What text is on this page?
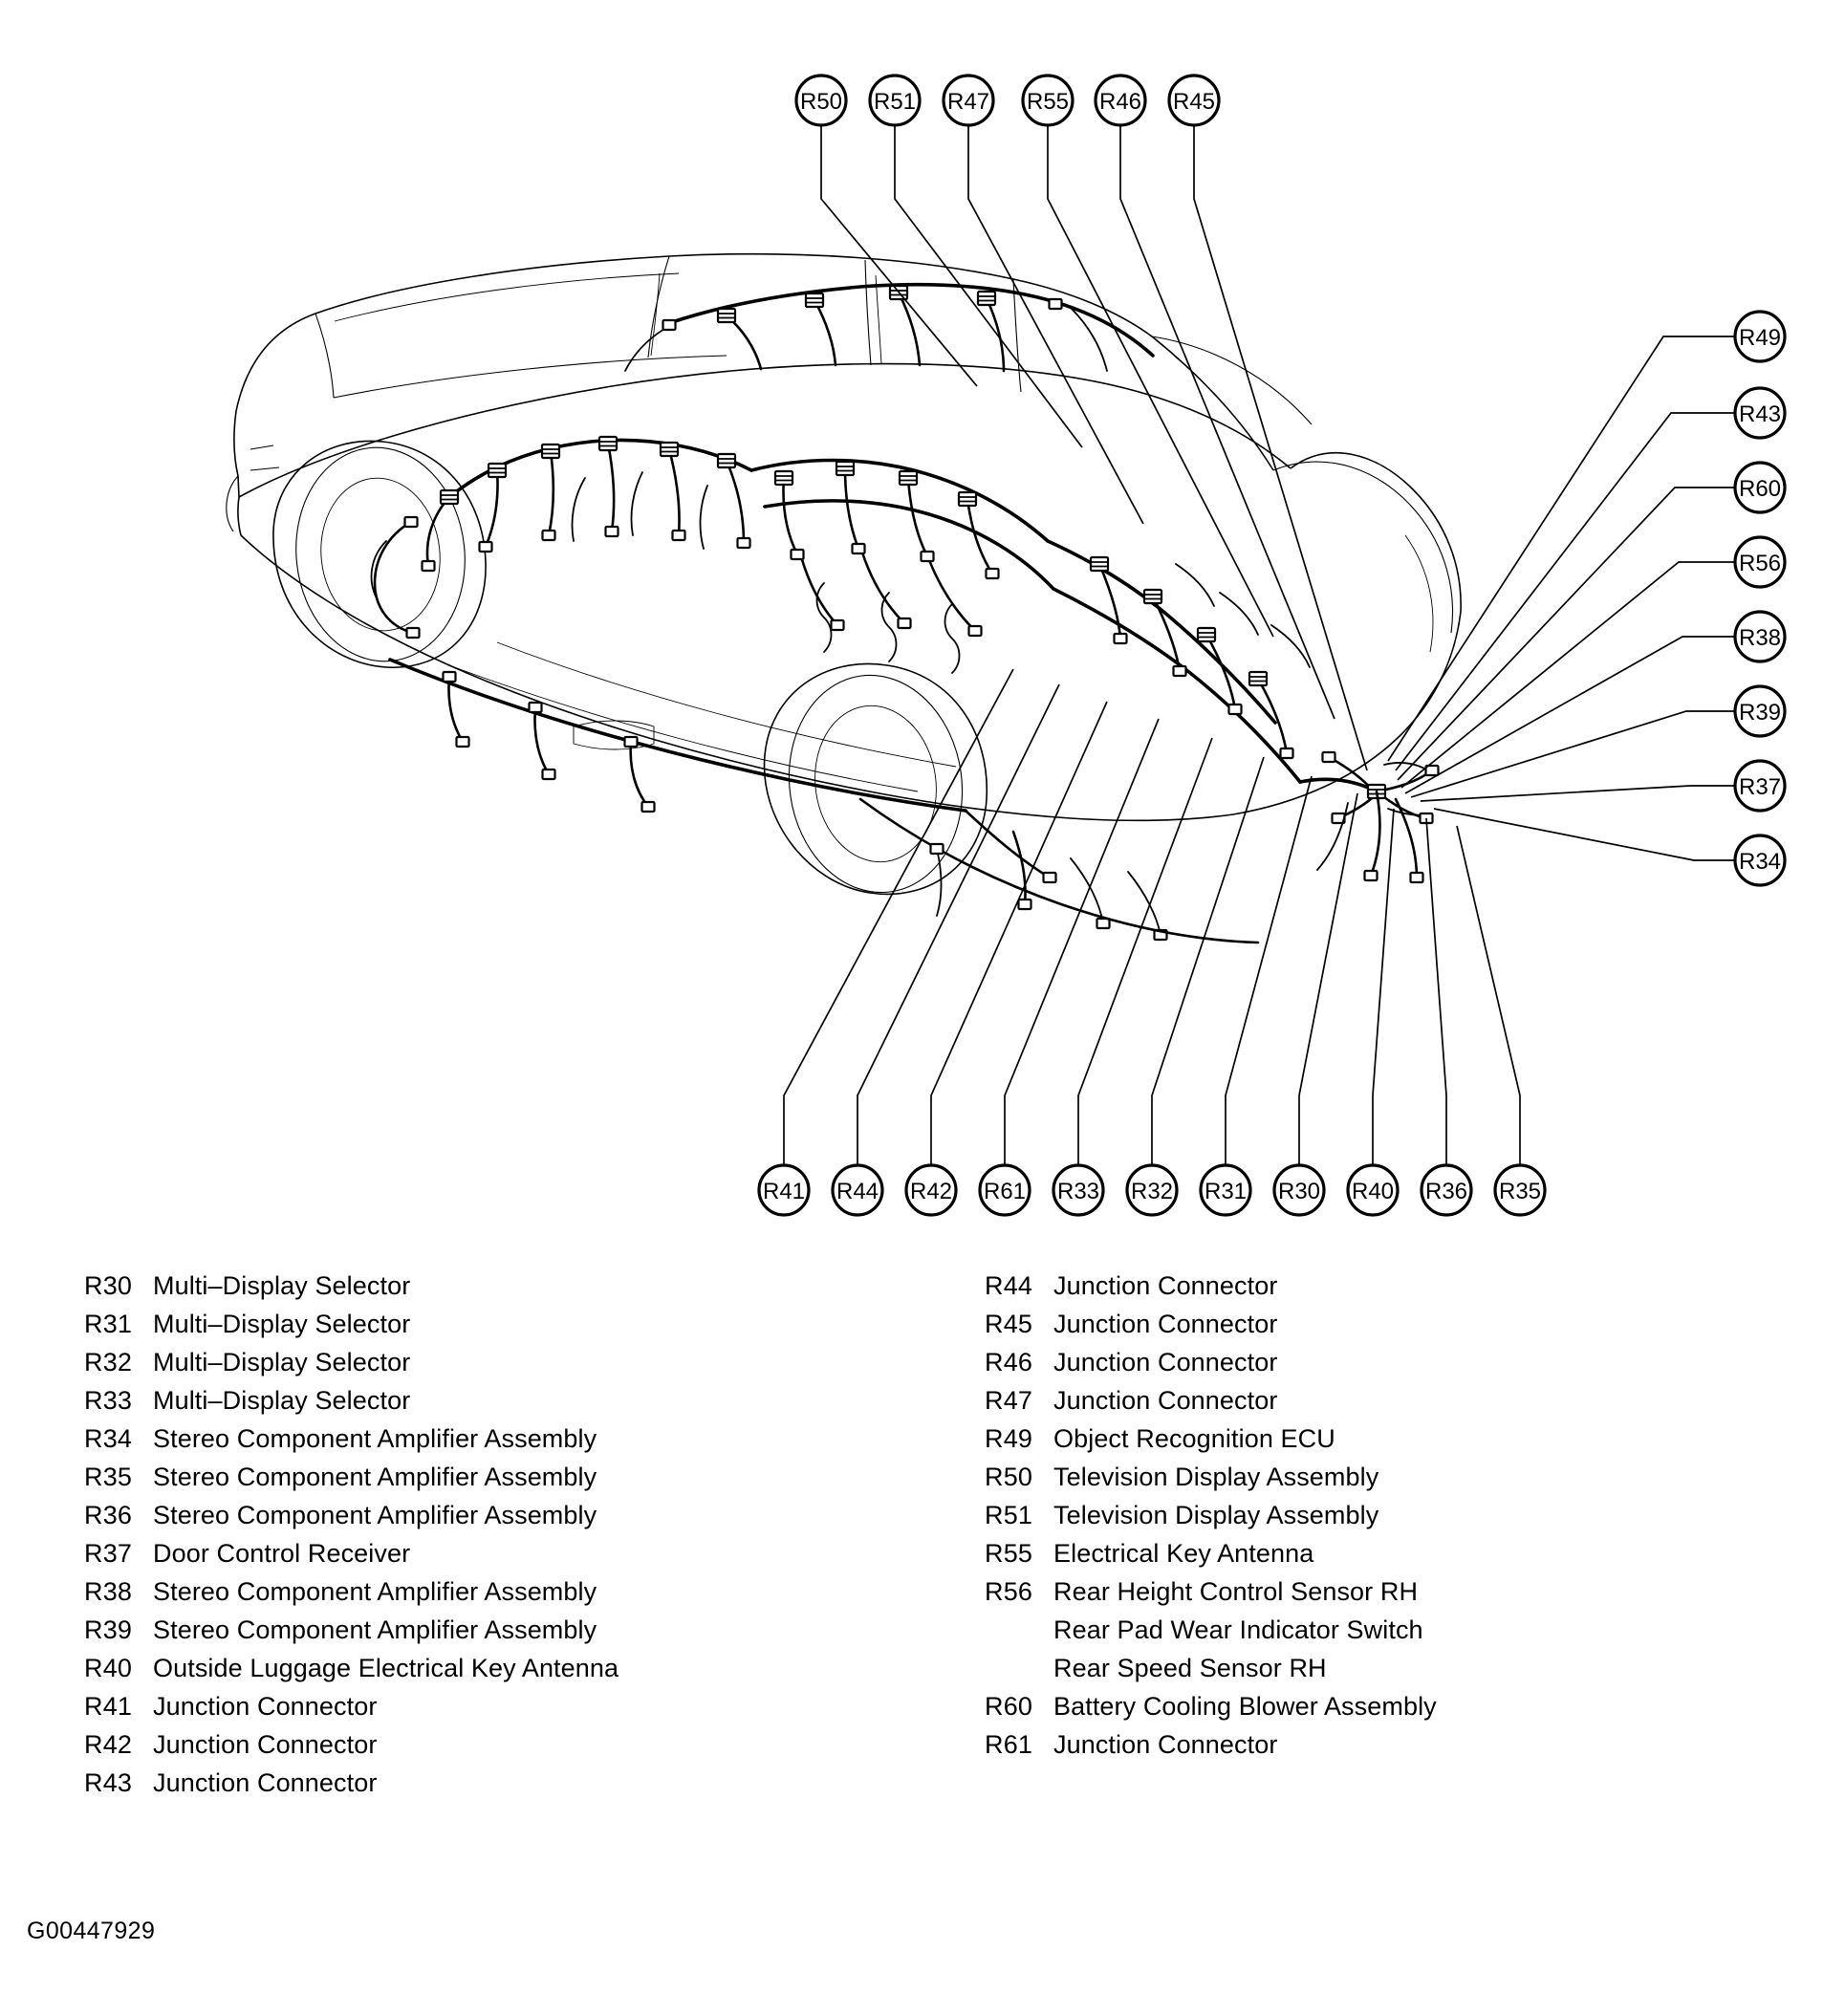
R50 R51 R47 R55 R46 R45
R49
R43
R60
R56
R38
R39
R37
R34
R41 R44 R42 R61 R33 R32 R31 R30 R40 R36 R35
R30 Multi–Display Selector
R31 Multi–Display Selector
R32 Multi–Display Selector
R33 Multi–Display Selector
R34 Stereo Component Amplifier Assembly
R35 Stereo Component Amplifier Assembly
R36 Stereo Component Amplifier Assembly
R37 Door Control Receiver
R38 Stereo Component Amplifier Assembly
R39 Stereo Component Amplifier Assembly
R40 Outside Luggage Electrical Key Antenna
R41 Junction Connector
R42 Junction Connector
R43 Junction Connector
R44 Junction Connector
R45 Junction Connector
R46 Junction Connector
R47 Junction Connector
R49 Object Recognition ECU
R50 Television Display Assembly
R51 Television Display Assembly
R55 Electrical Key Antenna
R56 Rear Height Control Sensor RH
Rear Pad Wear Indicator Switch
Rear Speed Sensor RH
R60 Battery Cooling Blower Assembly
R61 Junction Connector
G00447929
